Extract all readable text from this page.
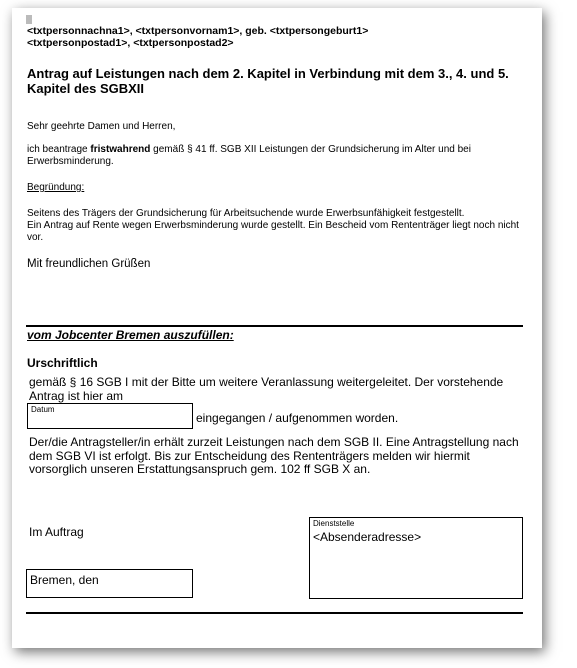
<txtpersonnachna1>, <txtpersonvornam1>, geb. <txtpersongeburt1>
<txtpersonpostad1>, <txtpersonpostad2>
Antrag auf Leistungen nach dem 2. Kapitel in Verbindung mit dem 3., 4. und 5. Kapitel des SGBXII
Sehr geehrte Damen und Herren,
ich beantrage fristwahrend gemäß § 41 ff. SGB XII Leistungen der Grundsicherung im Alter und bei Erwerbsminderung.
Begründung:
Seitens des Trägers der Grundsicherung für Arbeitsuchende wurde Erwerbsunfähigkeit festgestellt.
Ein Antrag auf Rente wegen Erwerbsminderung wurde gestellt. Ein Bescheid vom Rententräger liegt noch nicht vor.
Mit freundlichen Grüßen
vom Jobcenter Bremen auszufüllen:
Urschriftlich
gemäß § 16 SGB I mit der Bitte um weitere Veranlassung weitergeleitet. Der vorstehende Antrag ist hier am
Datum
eingegangen / aufgenommen worden.
Der/die Antragsteller/in erhält zurzeit Leistungen nach dem SGB II. Eine Antragstellung nach dem SGB VI ist erfolgt. Bis zur Entscheidung des Rententrägers melden wir hiermit vorsorglich unseren Erstattungsanspruch gem. 102 ff SGB X an.
Dienststelle
<Absenderadresse>
Im Auftrag
Bremen, den
